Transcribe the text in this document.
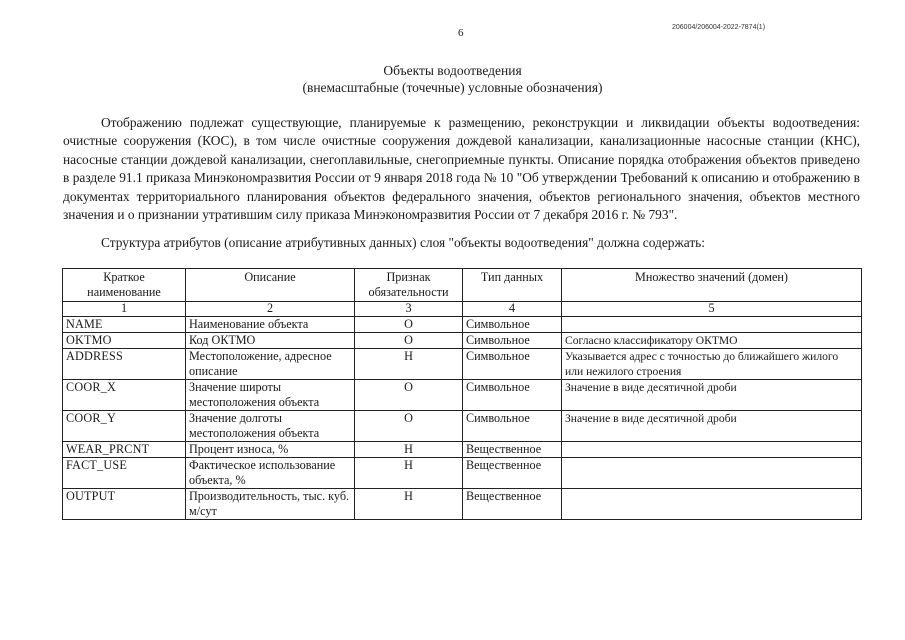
6	206004/206004-2022-7874(1)
Объекты водоотведения
(внемасштабные (точечные) условные обозначения)
Отображению подлежат существующие, планируемые к размещению, реконструкции и ликвидации объекты водоотведения: очистные сооружения (КОС), в том числе очистные сооружения дождевой канализации, канализационные насосные станции (КНС), насосные станции дождевой канализации, снегоплавильные, снегоприемные пункты. Описание порядка отображения объектов приведено в разделе 91.1 приказа Минэкономразвития России от 9 января 2018 года № 10 "Об утверждении Требований к описанию и отображению в документах территориального планирования объектов федерального значения, объектов регионального значения, объектов местного значения и о признании утратившим силу приказа Минэкономразвития России от 7 декабря 2016 г. № 793".
Структура атрибутов (описание атрибутивных данных) слоя "объекты водоотведения" должна содержать:
Краткое наименование	Описание	Признак обязательности	Тип данных	Множество значений (домен)
1	2	3	4	5
NAME	Наименование объекта	О	Символьное	
OKTMO	Код ОКТМО	О	Символьное	Согласно классификатору ОКТМО
ADDRESS	Местоположение, адресное описание	Н	Символьное	Указывается адрес с точностью до ближайшего жилого или нежилого строения
COOR_X	Значение широты местоположения объекта	О	Символьное	Значение в виде десятичной дроби
COOR_Y	Значение долготы местоположения объекта	О	Символьное	Значение в виде десятичной дроби
WEAR_PRCNT	Процент износа, %	Н	Вещественное	
FACT_USE	Фактическое использование объекта, %	Н	Вещественное	
OUTPUT	Производительность, тыс. куб. м/сут	Н	Вещественное	
